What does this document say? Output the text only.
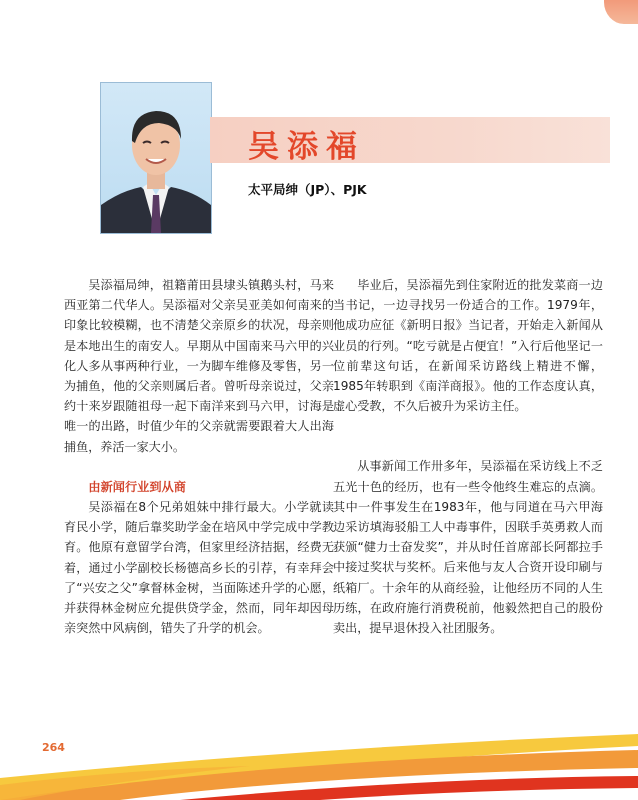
吴添福
太平局绅（JP）、PJK

吴添福局绅，祖籍莆田县埭头镇鹅头村，马来西亚第二代华人。吴添福对父亲吴亚美如何南来的印象比较模糊，也不清楚父亲原乡的状况，母亲则是本地出生的南安人。早期从中国南来马六甲的兴化人多从事两种行业，一为脚车维修及零售，另一为捕鱼，他的父亲则属后者。曾听母亲说过，父亲约十来岁跟随祖母一起下南洋来到马六甲，讨海是唯一的出路，时值少年的父亲就需要跟着大人出海捕鱼，养活一家大小。

由新闻行业到从商

吴添福在8个兄弟姐妹中排行最大。小学就读育民小学，随后靠奖助学金在培风中学完成中学教育。他原有意留学台湾，但家里经济拮据，经费无着，通过小学副校长杨德高乡长的引荐，有幸拜会了“兴安之父”拿督林金树，当面陈述升学的心愿，并获得林金树应允提供贷学金，然而，同年却因母亲突然中风病倒，错失了升学的机会。

毕业后，吴添福先到住家附近的批发菜商一边当书记，一边寻找另一份适合的工作。1979年，他成功应征《新明日报》当记者，开始走入新闻从业员的行列。“吃亏就是占便宜！”入行后他坚记一位前辈这句话，在新闻采访路线上精进不懈，1985年转职到《南洋商报》。他的工作态度认真，虚心受教，不久后被升为采访主任。

从事新闻工作卅多年，吴添福在采访线上不乏五光十色的经历，也有一些令他终生难忘的点滴。其中一件事发生在1983年，他与同道在马六甲海边采访填海驳船工人中毒事件，因联手英勇救人而获颁“健力士奋发奖”，并从时任首席部长阿都拉手中接过奖状与奖杯。后来他与友人合资开设印刷与纸箱厂。十余年的从商经验，让他经历不同的人生历练，在政府施行消费税前，他毅然把自己的股份卖出，提早退休投入社团服务。

264
